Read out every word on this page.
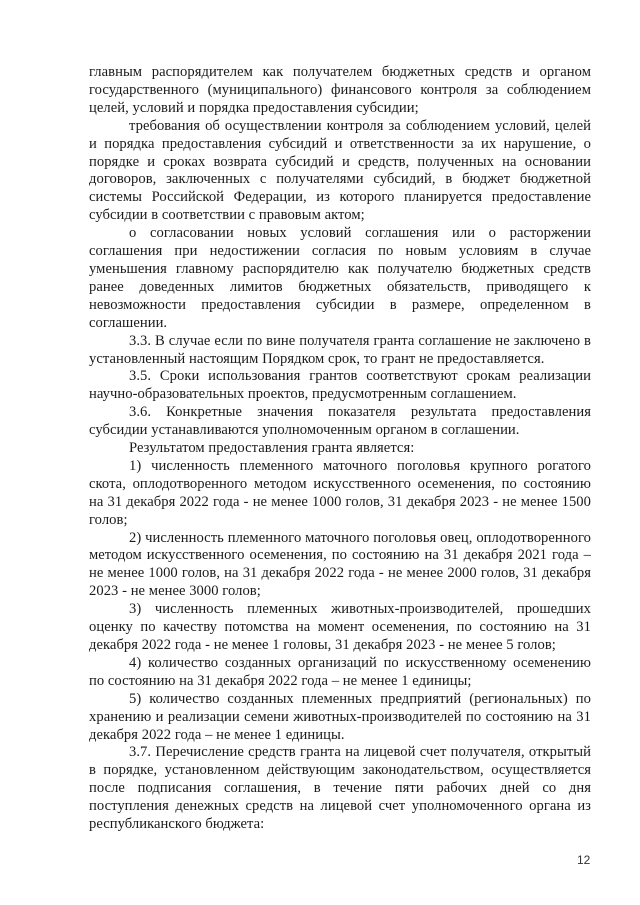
главным распорядителем как получателем бюджетных средств и органом государственного (муниципального) финансового контроля за соблюдением целей, условий и порядка предоставления субсидии;

требования об осуществлении контроля за соблюдением условий, целей и порядка предоставления субсидий и ответственности за их нарушение, о порядке и сроках возврата субсидий и средств, полученных на основании договоров, заключенных с получателями субсидий, в бюджет бюджетной системы Российской Федерации, из которого планируется предоставление субсидии в соответствии с правовым актом;

о согласовании новых условий соглашения или о расторжении соглашения при недостижении согласия по новым условиям в случае уменьшения главному распорядителю как получателю бюджетных средств ранее доведенных лимитов бюджетных обязательств, приводящего к невозможности предоставления субсидии в размере, определенном в соглашении.

3.3. В случае если по вине получателя гранта соглашение не заключено в установленный настоящим Порядком срок, то грант не предоставляется.

3.5. Сроки использования грантов соответствуют срокам реализации научно-образовательных проектов, предусмотренным соглашением.

3.6. Конкретные значения показателя результата предоставления субсидии устанавливаются уполномоченным органом в соглашении.

Результатом предоставления гранта является:

1) численность племенного маточного поголовья крупного рогатого скота, оплодотворенного методом искусственного осеменения, по состоянию на 31 декабря 2022 года - не менее 1000 голов, 31 декабря 2023 - не менее 1500 голов;

2) численность племенного маточного поголовья овец, оплодотворенного методом искусственного осеменения, по состоянию на 31 декабря 2021 года – не менее 1000 голов, на 31 декабря 2022 года - не менее 2000 голов, 31 декабря 2023 - не менее 3000 голов;

3) численность племенных животных-производителей, прошедших оценку по качеству потомства на момент осеменения, по состоянию на 31 декабря 2022 года - не менее 1 головы, 31 декабря 2023 - не менее 5 голов;

4) количество созданных организаций по искусственному осеменению по состоянию на 31 декабря 2022 года – не менее 1 единицы;

5) количество созданных племенных предприятий (региональных) по хранению и реализации семени животных-производителей по состоянию на 31 декабря 2022 года – не менее 1 единицы.

3.7. Перечисление средств гранта на лицевой счет получателя, открытый в порядке, установленном действующим законодательством, осуществляется после подписания соглашения, в течение пяти рабочих дней со дня поступления денежных средств на лицевой счет уполномоченного органа из республиканского бюджета:

12
